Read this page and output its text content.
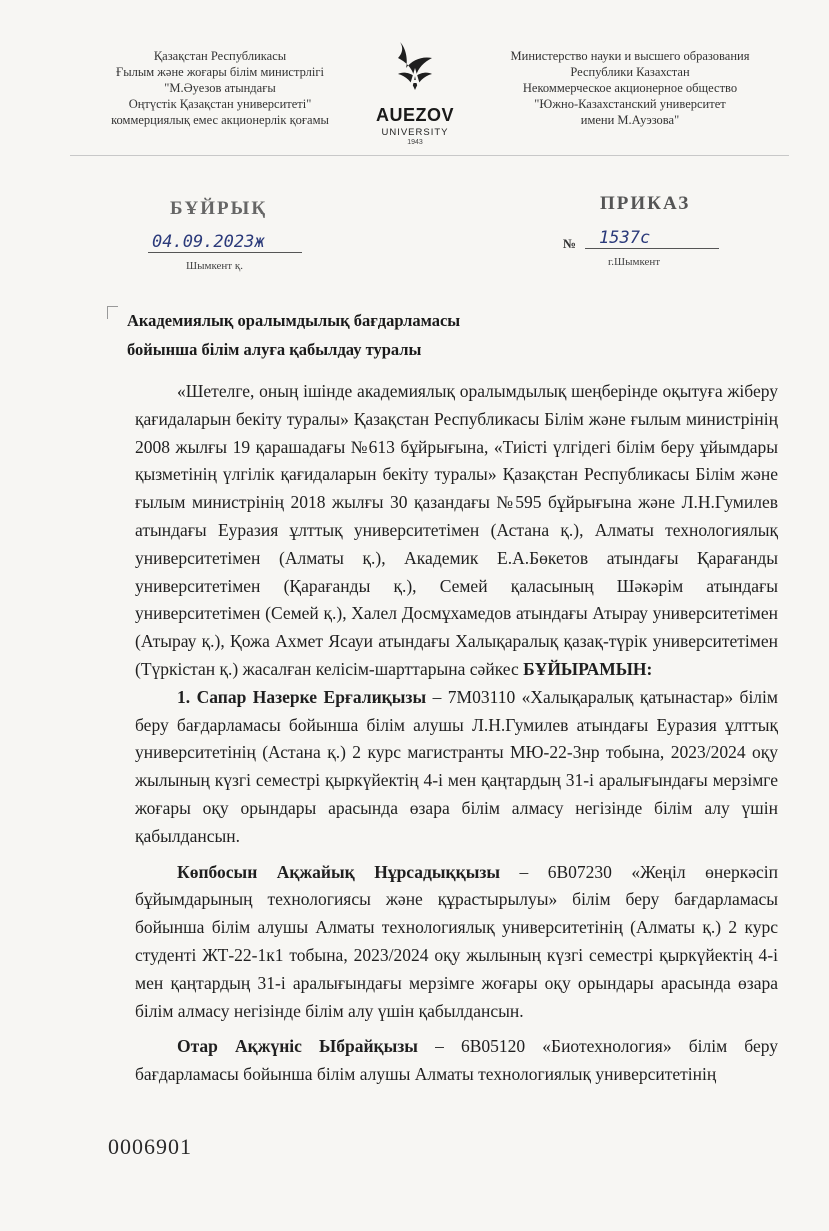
Қазақстан Республикасы
Ғылым және жоғары білім министрлігі
"М.Әуезов атындағы
Оңтүстік Қазақстан университеті"
коммерциялық емес акционерлік қоғамы	AUEZOV
UNIVERSITY
1943
Министерство науки и высшего образования
Республики Казахстан
Некоммерческое акционерное общество
"Южно-Казахстанский университет
имени М.Ауэзова"
БҰЙРЫҚ	ПРИКАЗ
04.09.2023ж
Шымкент қ.
№	1537с
г.Шымкент
Академиялық оралымдылық бағдарламасы
бойынша білім алуға қабылдау туралы

«Шетелге, оның ішінде академиялық оралымдылық шеңберінде оқытуға жіберу қағидаларын бекіту туралы» Қазақстан Республикасы Білім және ғылым министрінің 2008 жылғы 19 қарашадағы №613 бұйрығына, «Тиісті үлгідегі білім беру ұйымдары қызметінің үлгілік қағидаларын бекіту туралы» Қазақстан Республикасы Білім және ғылым министрінің 2018 жылғы 30 қазандағы №595 бұйрығына және Л.Н.Гумилев атындағы Еуразия ұлттық университетімен (Астана қ.), Алматы технологиялық университетімен (Алматы қ.), Академик Е.А.Бөкетов атындағы Қарағанды университетімен (Қарағанды қ.), Семей қаласының Шәкәрім атындағы университетімен (Семей қ.), Халел Досмұхамедов атындағы Атырау университетімен (Атырау қ.), Қожа Ахмет Ясауи атындағы Халықаралық қазақ-түрік университетімен (Түркістан қ.) жасалған келісім-шарттарына сәйкес БҰЙЫРАМЫН:

1. Сапар Назерке Ерғалиқызы – 7M03110 «Халықаралық қатынастар» білім беру бағдарламасы бойынша білім алушы Л.Н.Гумилев атындағы Еуразия ұлттық университетінің (Астана қ.) 2 курс магистранты МЮ-22-3нр тобына, 2023/2024 оқу жылының күзгі семестрі қыркүйектің 4-і мен қаңтардың 31-і аралығындағы мерзімге жоғары оқу орындары арасында өзара білім алмасу негізінде білім алу үшін қабылдансын.

Көпбосын Ақжайық Нұрсадыққызы – 6B07230 «Жеңіл өнеркәсіп бұйымдарының технологиясы және құрастырылуы» білім беру бағдарламасы бойынша білім алушы Алматы технологиялық университетінің (Алматы қ.) 2 курс студенті ЖТ-22-1к1 тобына, 2023/2024 оқу жылының күзгі семестрі қыркүйектің 4-і мен қаңтардың 31-і аралығындағы мерзімге жоғары оқу орындары арасында өзара білім алмасу негізінде білім алу үшін қабылдансын.

Отар Ақжүніс Ыбрайқызы – 6B05120 «Биотехнология» білім беру бағдарламасы бойынша білім алушы Алматы технологиялық университетінің

0006901
